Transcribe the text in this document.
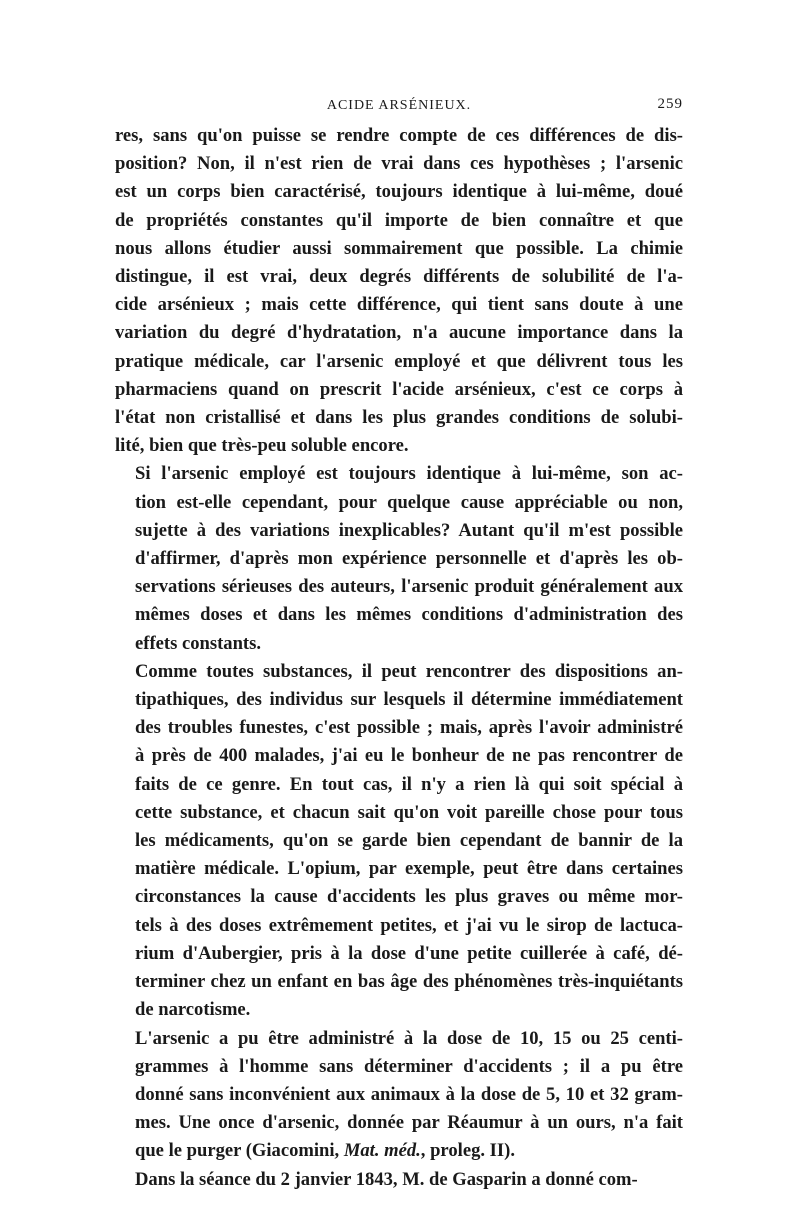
ACIDE ARSÉNIEUX.	259

res, sans qu'on puisse se rendre compte de ces différences de dis-
position? Non, il n'est rien de vrai dans ces hypothèses ; l'arsenic
est un corps bien caractérisé, toujours identique à lui-même, doué
de propriétés constantes qu'il importe de bien connaître et que
nous allons étudier aussi sommairement que possible. La chimie
distingue, il est vrai, deux degrés différents de solubilité de l'a-
cide arsénieux ; mais cette différence, qui tient sans doute à une
variation du degré d'hydratation, n'a aucune importance dans la
pratique médicale, car l'arsenic employé et que délivrent tous les
pharmaciens quand on prescrit l'acide arsénieux, c'est ce corps à
l'état non cristallisé et dans les plus grandes conditions de solubi-
lité, bien que très-peu soluble encore.

Si l'arsenic employé est toujours identique à lui-même, son ac-
tion est-elle cependant, pour quelque cause appréciable ou non,
sujette à des variations inexplicables? Autant qu'il m'est possible
d'affirmer, d'après mon expérience personnelle et d'après les ob-
servations sérieuses des auteurs, l'arsenic produit généralement aux
mêmes doses et dans les mêmes conditions d'administration des
effets constants.

Comme toutes substances, il peut rencontrer des dispositions an-
tipathiques, des individus sur lesquels il détermine immédiatement
des troubles funestes, c'est possible ; mais, après l'avoir administré
à près de 400 malades, j'ai eu le bonheur de ne pas rencontrer de
faits de ce genre. En tout cas, il n'y a rien là qui soit spécial à
cette substance, et chacun sait qu'on voit pareille chose pour tous
les médicaments, qu'on se garde bien cependant de bannir de la
matière médicale. L'opium, par exemple, peut être dans certaines
circonstances la cause d'accidents les plus graves ou même mor-
tels à des doses extrêmement petites, et j'ai vu le sirop de lactuca-
rium d'Aubergier, pris à la dose d'une petite cuillerée à café, dé-
terminer chez un enfant en bas âge des phénomènes très-inquiétants
de narcotisme.

L'arsenic a pu être administré à la dose de 10, 15 ou 25 centi-
grammes à l'homme sans déterminer d'accidents ; il a pu être
donné sans inconvénient aux animaux à la dose de 5, 10 et 32 gram-
mes. Une once d'arsenic, donnée par Réaumur à un ours, n'a fait
que le purger (Giacomini, Mat. méd., proleg. II).

Dans la séance du 2 janvier 1843, M. de Gasparin a donné com-
